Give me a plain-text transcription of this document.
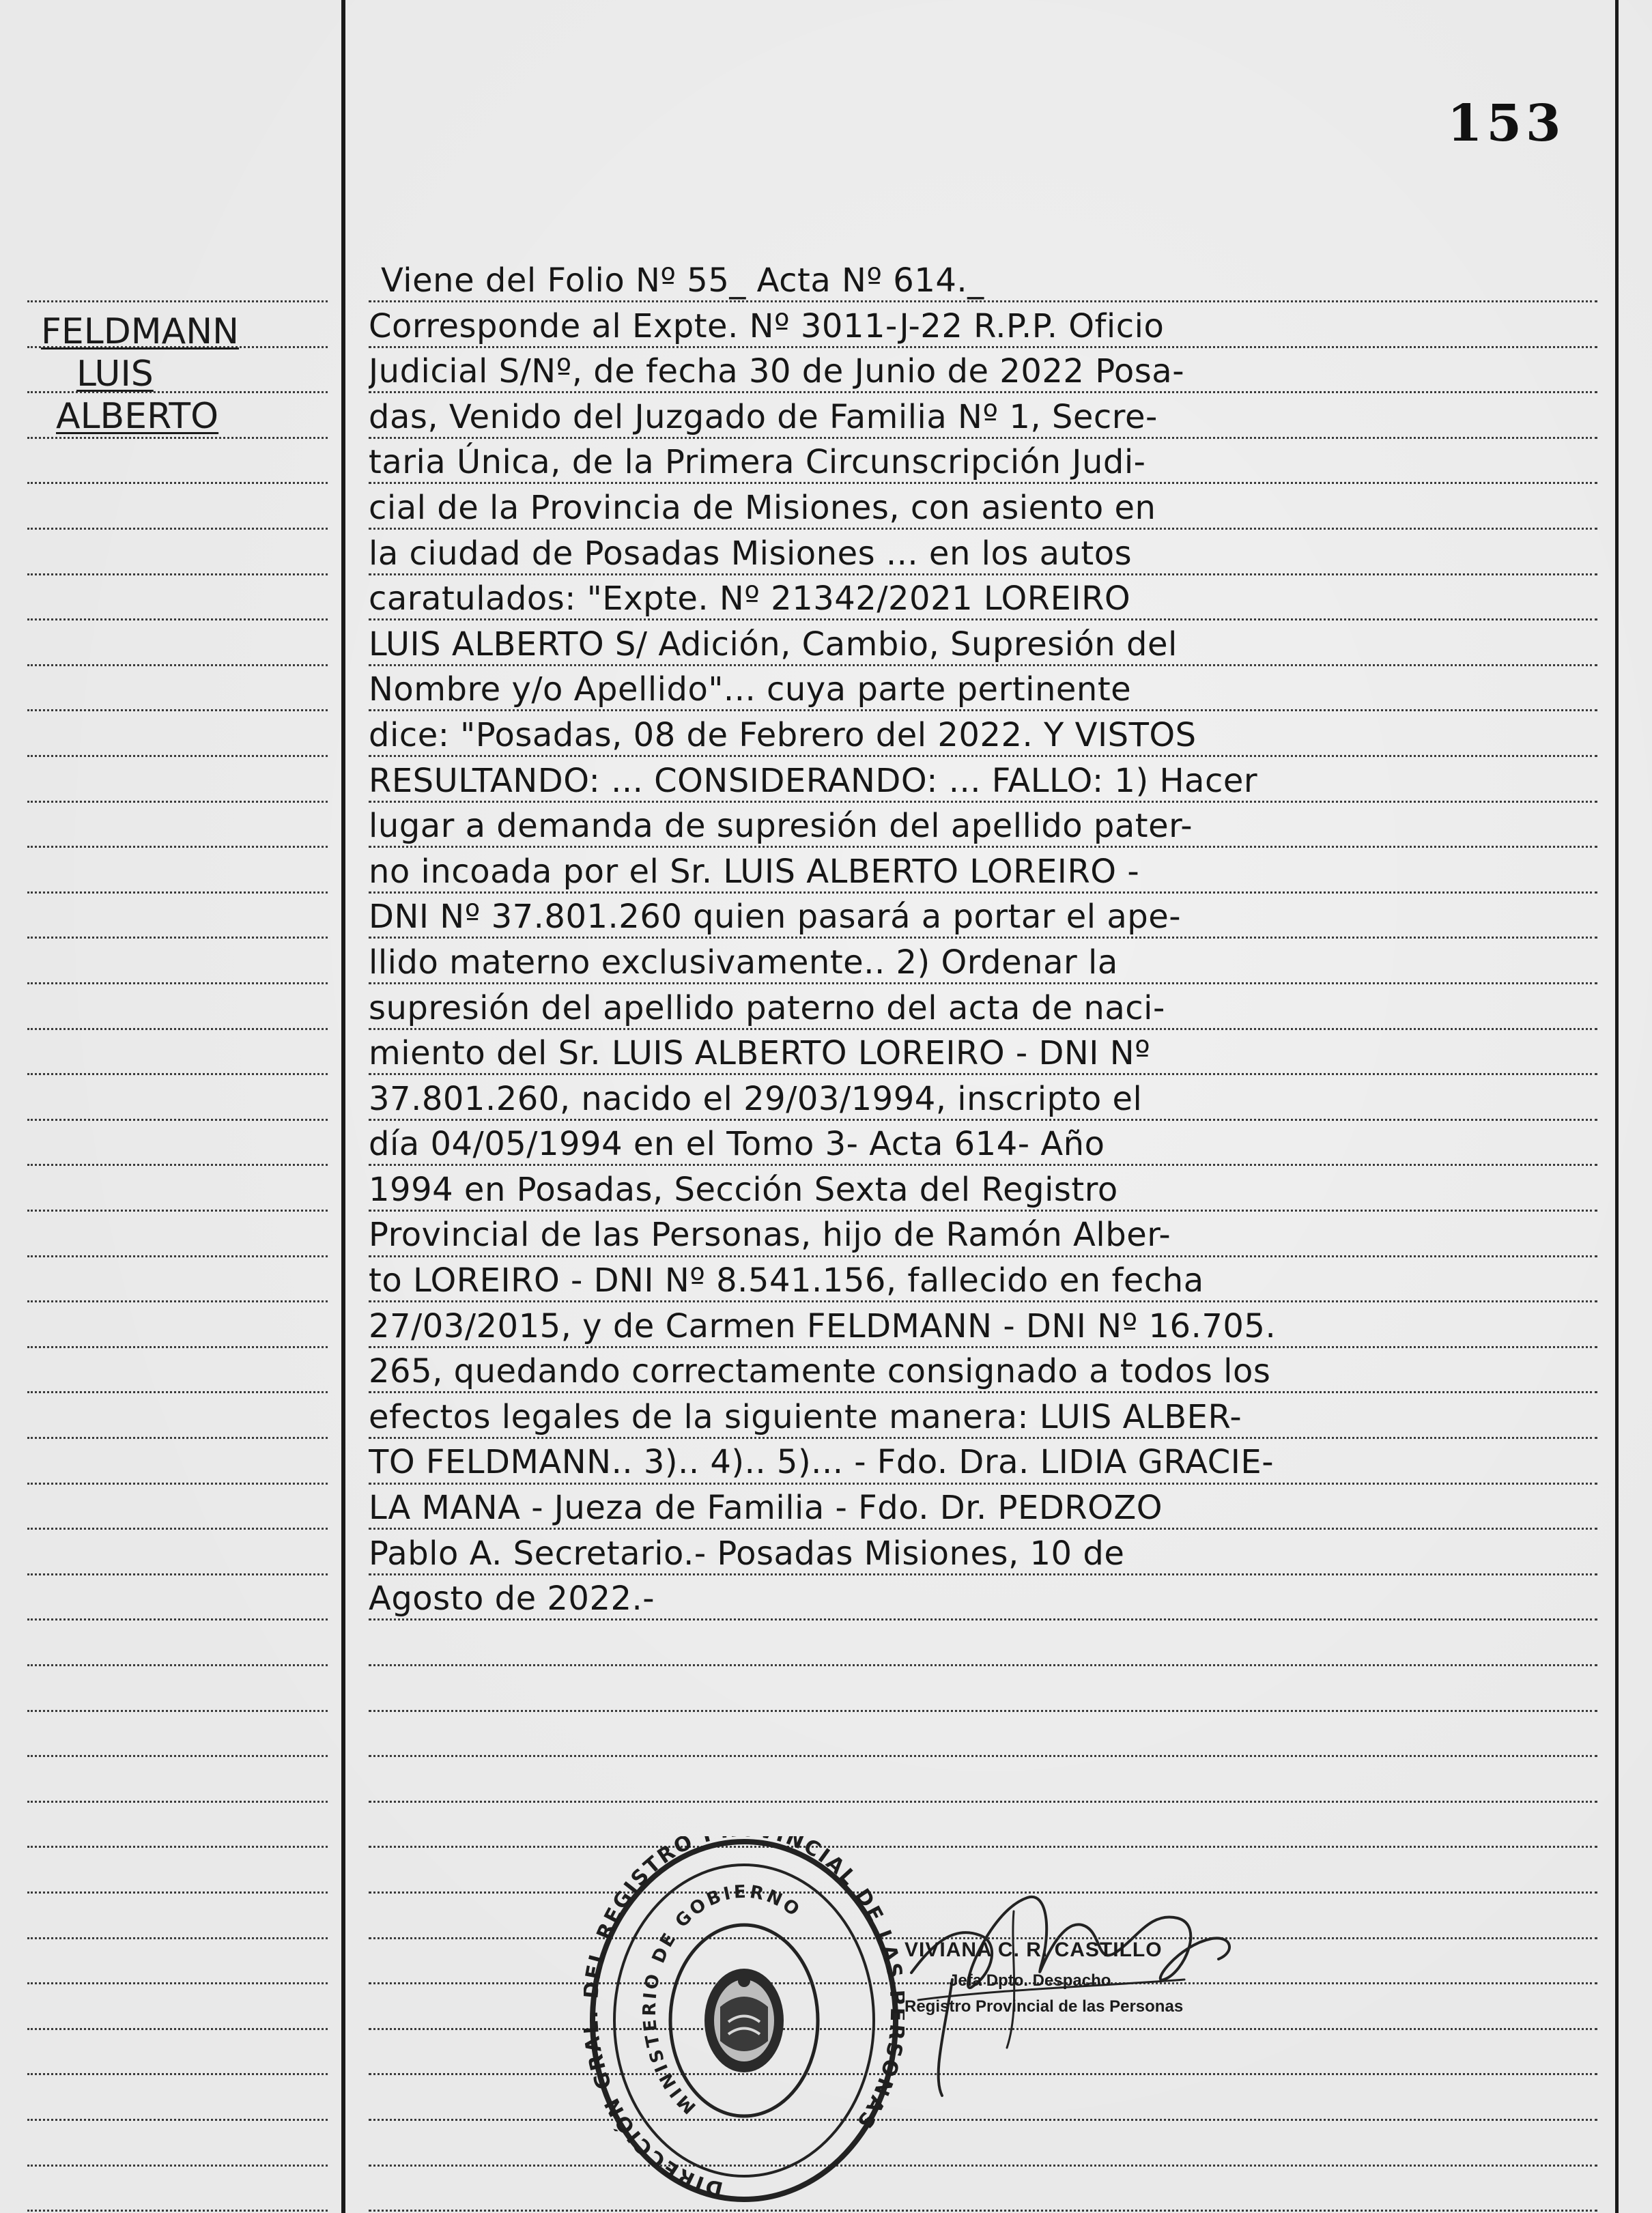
153
FELDMANN
LUIS
ALBERTO
Viene del Folio Nº 55_ Acta Nº 614._
Corresponde al Expte. Nº 3011-J-22 R.P.P. Oficio
Judicial S/Nº, de fecha 30 de Junio de 2022 Posa-
das, Venido del Juzgado de Familia Nº 1, Secre-
taria Única, de la Primera Circunscripción Judi-
cial de la Provincia de Misiones, con asiento en
la ciudad de Posadas Misiones ... en los autos
caratulados: "Expte. Nº 21342/2021 LOREIRO
LUIS ALBERTO S/ Adición, Cambio, Supresión del
Nombre y/o Apellido"... cuya parte pertinente
dice: "Posadas, 08 de Febrero del 2022. Y VISTOS
RESULTANDO: ... CONSIDERANDO: ... FALLO: 1) Hacer
lugar a demanda de supresión del apellido pater-
no incoada por el Sr. LUIS ALBERTO LOREIRO -
DNI Nº 37.801.260 quien pasará a portar el ape-
llido materno exclusivamente.. 2) Ordenar la
supresión del apellido paterno del acta de naci-
miento del Sr. LUIS ALBERTO LOREIRO - DNI Nº
37.801.260, nacido el 29/03/1994, inscripto el
día 04/05/1994 en el Tomo 3- Acta 614- Año
1994 en Posadas, Sección Sexta del Registro
Provincial de las Personas, hijo de Ramón Alber-
to LOREIRO - DNI Nº 8.541.156, fallecido en fecha
27/03/2015, y de Carmen FELDMANN - DNI Nº 16.705.
265, quedando correctamente consignado a todos los
efectos legales de la siguiente manera: LUIS ALBER-
TO FELDMANN.. 3).. 4).. 5)... - Fdo. Dra. LIDIA GRACIE-
LA MANA - Jueza de Familia - Fdo. Dr. PEDROZO
Pablo A. Secretario.- Posadas Misiones, 10 de
Agosto de 2022.-
DIRECCIÓN GR EL REGISTRO NCIAL DE LAS SONAS
MINISTERIO DE GOBIERNO
VIVIANA C. R. CASTILLO
Jefa Dpto. Despacho
Registro Provincial de las Personas
